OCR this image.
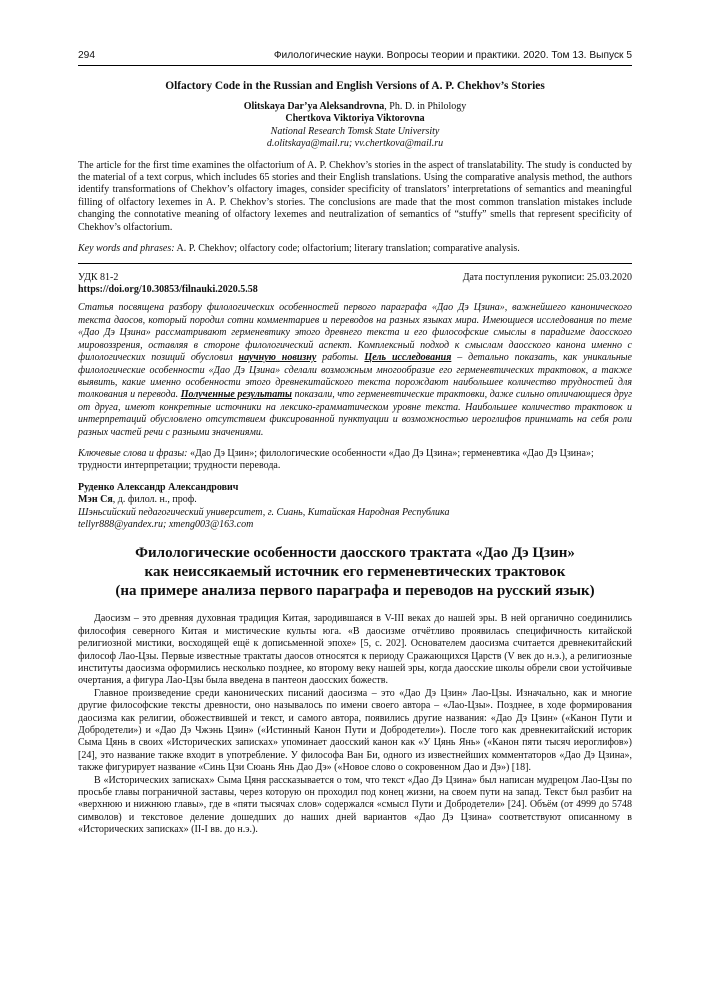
294	Филологические науки. Вопросы теории и практики. 2020. Том 13. Выпуск 5
Olfactory Code in the Russian and English Versions of A. P. Chekhov’s Stories
Olitskaya Dar’ya Aleksandrovna, Ph. D. in Philology
Chertkova Viktoriya Viktorovna
National Research Tomsk State University
d.olitskaya@mail.ru; vv.chertkova@mail.ru
The article for the first time examines the olfactorium of A. P. Chekhov’s stories in the aspect of translatability. The study is conducted by the material of a text corpus, which includes 65 stories and their English translations. Using the comparative analysis method, the authors identify transformations of Chekhov’s olfactory images, consider specificity of translators’ interpretations of semantics and meaningful filling of olfactory lexemes in A. P. Chekhov’s stories. The conclusions are made that the most common translation mistakes include changing the connotative meaning of olfactory lexemes and neutralization of semantics of “stuffy” smells that represent specificity of Chekhov’s olfactorium.
Key words and phrases: A. P. Chekhov; olfactory code; olfactorium; literary translation; comparative analysis.
УДК 81-2	Дата поступления рукописи: 25.03.2020
https://doi.org/10.30853/filnauki.2020.5.58
Статья посвящена разбору филологических особенностей первого параграфа «Дао Дэ Цзина», важнейшего канонического текста даосов, который породил сотни комментариев и переводов на разных языках мира. Имеющиеся исследования по теме «Дао Дэ Цзина» рассматривают герменевтику этого древнего текста и его философские смыслы в парадигме даосского мировоззрения, оставляя в стороне филологический аспект. Комплексный подход к смыслам даосского канона именно с филологических позиций обусловил научную новизну работы. Цель исследования – детально показать, как уникальные филологические особенности «Дао Дэ Цзина» сделали возможным многообразие его герменевтических трактовок, а также выявить, какие именно особенности этого древнекитайского текста порождают наибольшее количество трудностей для толкования и перевода. Полученные результаты показали, что герменевтические трактовки, даже сильно отличающиеся друг от друга, имеют конкретные источники на лексико-грамматическом уровне текста. Наибольшее количество трактовок и интерпретаций обусловлено отсутствием фиксированной пунктуации и возможностью иероглифов принимать на себя роли разных частей речи с разными значениями.
Ключевые слова и фразы: «Дао Дэ Цзин»; филологические особенности «Дао Дэ Цзина»; герменевтика «Дао Дэ Цзина»; трудности интерпретации; трудности перевода.
Руденко Александр Александрович
Мэн Ся, д. филол. н., проф.
Шэньсийский педагогический университет, г. Сиань, Китайская Народная Республика
tellyr888@yandex.ru; xmeng003@163.com
Филологические особенности даосского трактата «Дао Дэ Цзин»
как неиссякаемый источник его герменевтических трактовок
(на примере анализа первого параграфа и переводов на русский язык)

Даосизм – это древняя духовная традиция Китая, зародившаяся в V-III веках до нашей эры. В ней органично соединились философия северного Китая и мистические культы юга. «В даосизме отчётливо проявилась специфичность китайской религиозной мистики, восходящей ещё к дописьменной эпохе» [5, с. 202]. Основателем даосизма считается древнекитайский философ Лао-Цзы. Первые известные трактаты даосов относятся к периоду Сражающихся Царств (V век до н.э.), а религиозные институты даосизма оформились несколько позднее, ко второму веку нашей эры, когда даосские школы обрели свои устойчивые очертания, а фигура Лао-Цзы была введена в пантеон даосских божеств.

Главное произведение среди канонических писаний даосизма – это «Дао Дэ Цзин» Лао-Цзы. Изначально, как и многие другие философские тексты древности, оно называлось по имени своего автора – «Лао-Цзы». Позднее, в ходе формирования даосизма как религии, обожествившей и текст, и самого автора, появились другие названия: «Дао Дэ Цзин» («Канон Пути и Добродетели») и «Дао Дэ Чжэнь Цзин» («Истинный Канон Пути и Добродетели»). После того как древнекитайский историк Сыма Цянь в своих «Исторических записках» упоминает даосский канон как «У Цянь Янь» («Канон пяти тысяч иероглифов») [24], это название также входит в употребление. У философа Ван Би, одного из известнейших комментаторов «Дао Дэ Цзина», также фигурирует название «Синь Цзи Сюань Янь Дао Дэ» («Новое слово о сокровенном Дао и Дэ») [18].

В «Исторических записках» Сыма Цяня рассказывается о том, что текст «Дао Дэ Цзина» был написан мудрецом Лао-Цзы по просьбе главы пограничной заставы, через которую он проходил под конец жизни, на своем пути на запад. Текст был разбит на «верхнюю и нижнюю главы», где в «пяти тысячах слов» содержался «смысл Пути и Добродетели» [24]. Объём (от 4999 до 5748 символов) и текстовое деление дошедших до наших дней вариантов «Дао Дэ Цзина» соответствуют описанному в «Исторических записках» (II-I вв. до н.э.).
